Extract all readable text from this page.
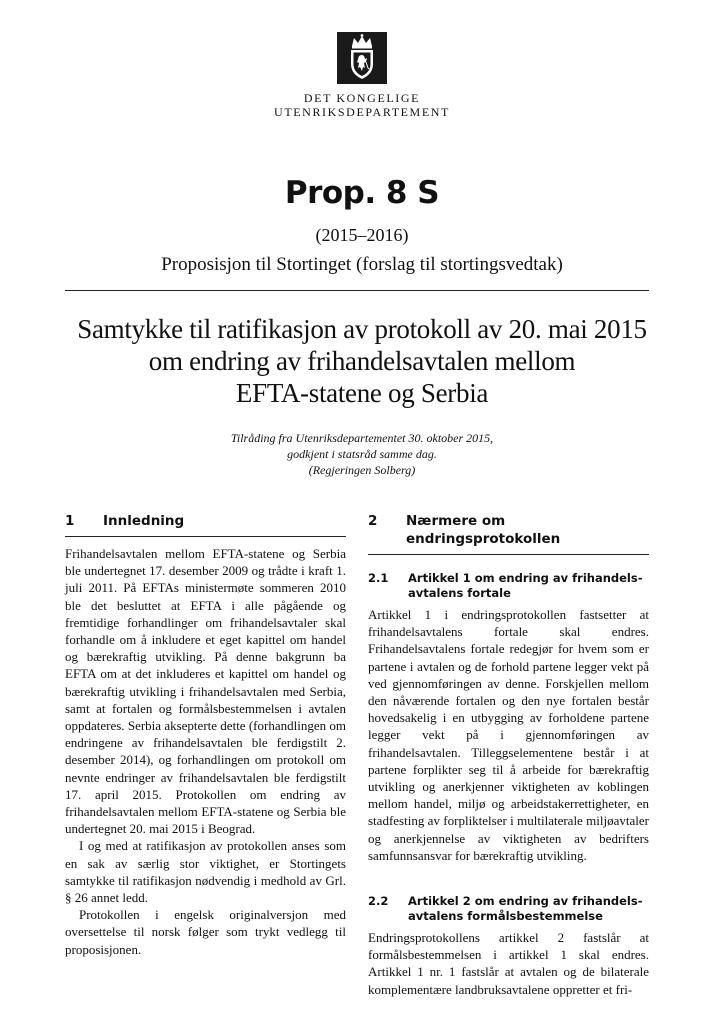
DET KONGELIGE
UTENRIKSDEPARTEMENT
Prop. 8 S
(2015–2016)
Proposisjon til Stortinget (forslag til stortingsvedtak)
Samtykke til ratifikasjon av protokoll av 20. mai 2015
om endring av frihandelsavtalen mellom
EFTA-statene og Serbia
Tilråding fra Utenriksdepartementet 30. oktober 2015,
godkjent i statsråd samme dag.
(Regjeringen Solberg)
1	Innledning

Frihandelsavtalen mellom EFTA-statene og Serbia ble undertegnet 17. desember 2009 og trådte i kraft 1. juli 2011. På EFTAs ministermøte sommeren 2010 ble det besluttet at EFTA i alle pågående og fremtidige forhandlinger om frihandelsavtaler skal forhandle om å inkludere et eget kapittel om handel og bærekraftig utvikling. På denne bakgrunn ba EFTA om at det inkluderes et kapittel om handel og bærekraftig utvikling i frihandelsavtalen med Serbia, samt at fortalen og formålsbestemmelsen i avtalen oppdateres. Serbia aksepterte dette (forhandlingen om endringene av frihandelsavtalen ble ferdigstilt 2. desember 2014), og forhandlingen om protokoll om nevnte endringer av frihandelsavtalen ble ferdigstilt 17. april 2015. Protokollen om endring av frihandelsavtalen mellom EFTA-statene og Serbia ble undertegnet 20. mai 2015 i Beograd.

I og med at ratifikasjon av protokollen anses som en sak av særlig stor viktighet, er Stortingets samtykke til ratifikasjon nødvendig i medhold av Grl. § 26 annet ledd.

Protokollen i engelsk originalversjon med oversettelse til norsk følger som trykt vedlegg til proposisjonen.

2	Nærmere om endringsprotokollen
2.1	Artikkel 1 om endring av frihandels-
avtalens fortale

Artikkel 1 i endringsprotokollen fastsetter at frihandelsavtalens fortale skal endres. Frihandelsavtalens fortale redegjør for hvem som er partene i avtalen og de forhold partene legger vekt på ved gjennomføringen av denne. Forskjellen mellom den nåværende fortalen og den nye fortalen består hovedsakelig i en utbygging av forholdene partene legger vekt på i gjennomføringen av frihandelsavtalen. Tilleggselementene består i at partene forplikter seg til å arbeide for bærekraftig utvikling og anerkjenner viktigheten av koblingen mellom handel, miljø og arbeidstakerrettigheter, en stadfesting av forpliktelser i multilaterale miljøavtaler og anerkjennelse av viktigheten av bedrifters samfunnsansvar for bærekraftig utvikling.

2.2	Artikkel 2 om endring av frihandels-
avtalens formålsbestemmelse

Endringsprotokollens artikkel 2 fastslår at formålsbestemmelsen i artikkel 1 skal endres. Artikkel 1 nr. 1 fastslår at avtalen og de bilaterale komplementære landbruksavtalene oppretter et fri-
